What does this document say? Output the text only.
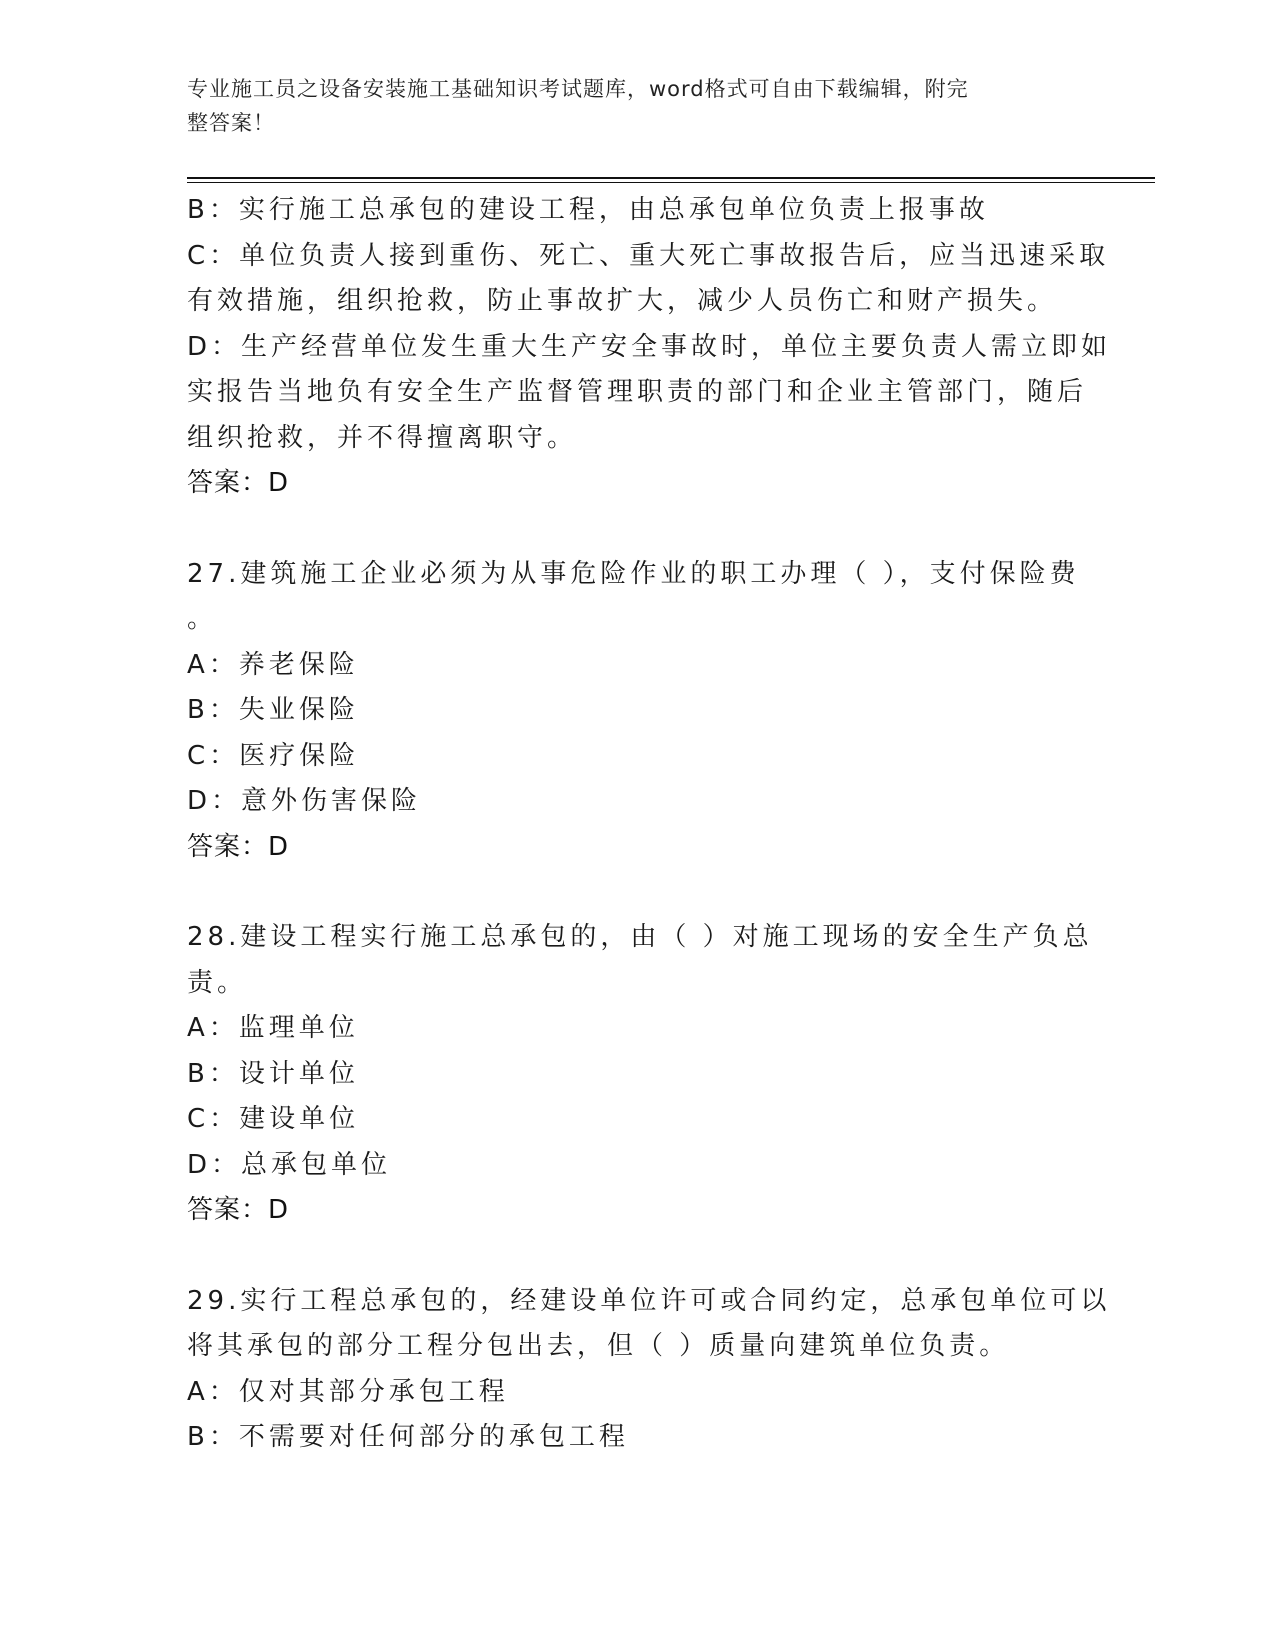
专业施工员之设备安装施工基础知识考试题库，word格式可自由下载编辑，附完
整答案！
B：实行施工总承包的建设工程，由总承包单位负责上报事故
C：单位负责人接到重伤、死亡、重大死亡事故报告后，应当迅速采取
有效措施，组织抢救，防止事故扩大，减少人员伤亡和财产损失。
D：生产经营单位发生重大生产安全事故时，单位主要负责人需立即如
实报告当地负有安全生产监督管理职责的部门和企业主管部门，随后
组织抢救，并不得擅离职守。
答案：D
27.建筑施工企业必须为从事危险作业的职工办理（ ），支付保险费
。
A：养老保险
B：失业保险
C：医疗保险
D：意外伤害保险
答案：D
28.建设工程实行施工总承包的，由（ ）对施工现场的安全生产负总
责。
A：监理单位
B：设计单位
C：建设单位
D：总承包单位
答案：D
29.实行工程总承包的，经建设单位许可或合同约定，总承包单位可以
将其承包的部分工程分包出去，但（ ）质量向建筑单位负责。
A：仅对其部分承包工程
B：不需要对任何部分的承包工程
